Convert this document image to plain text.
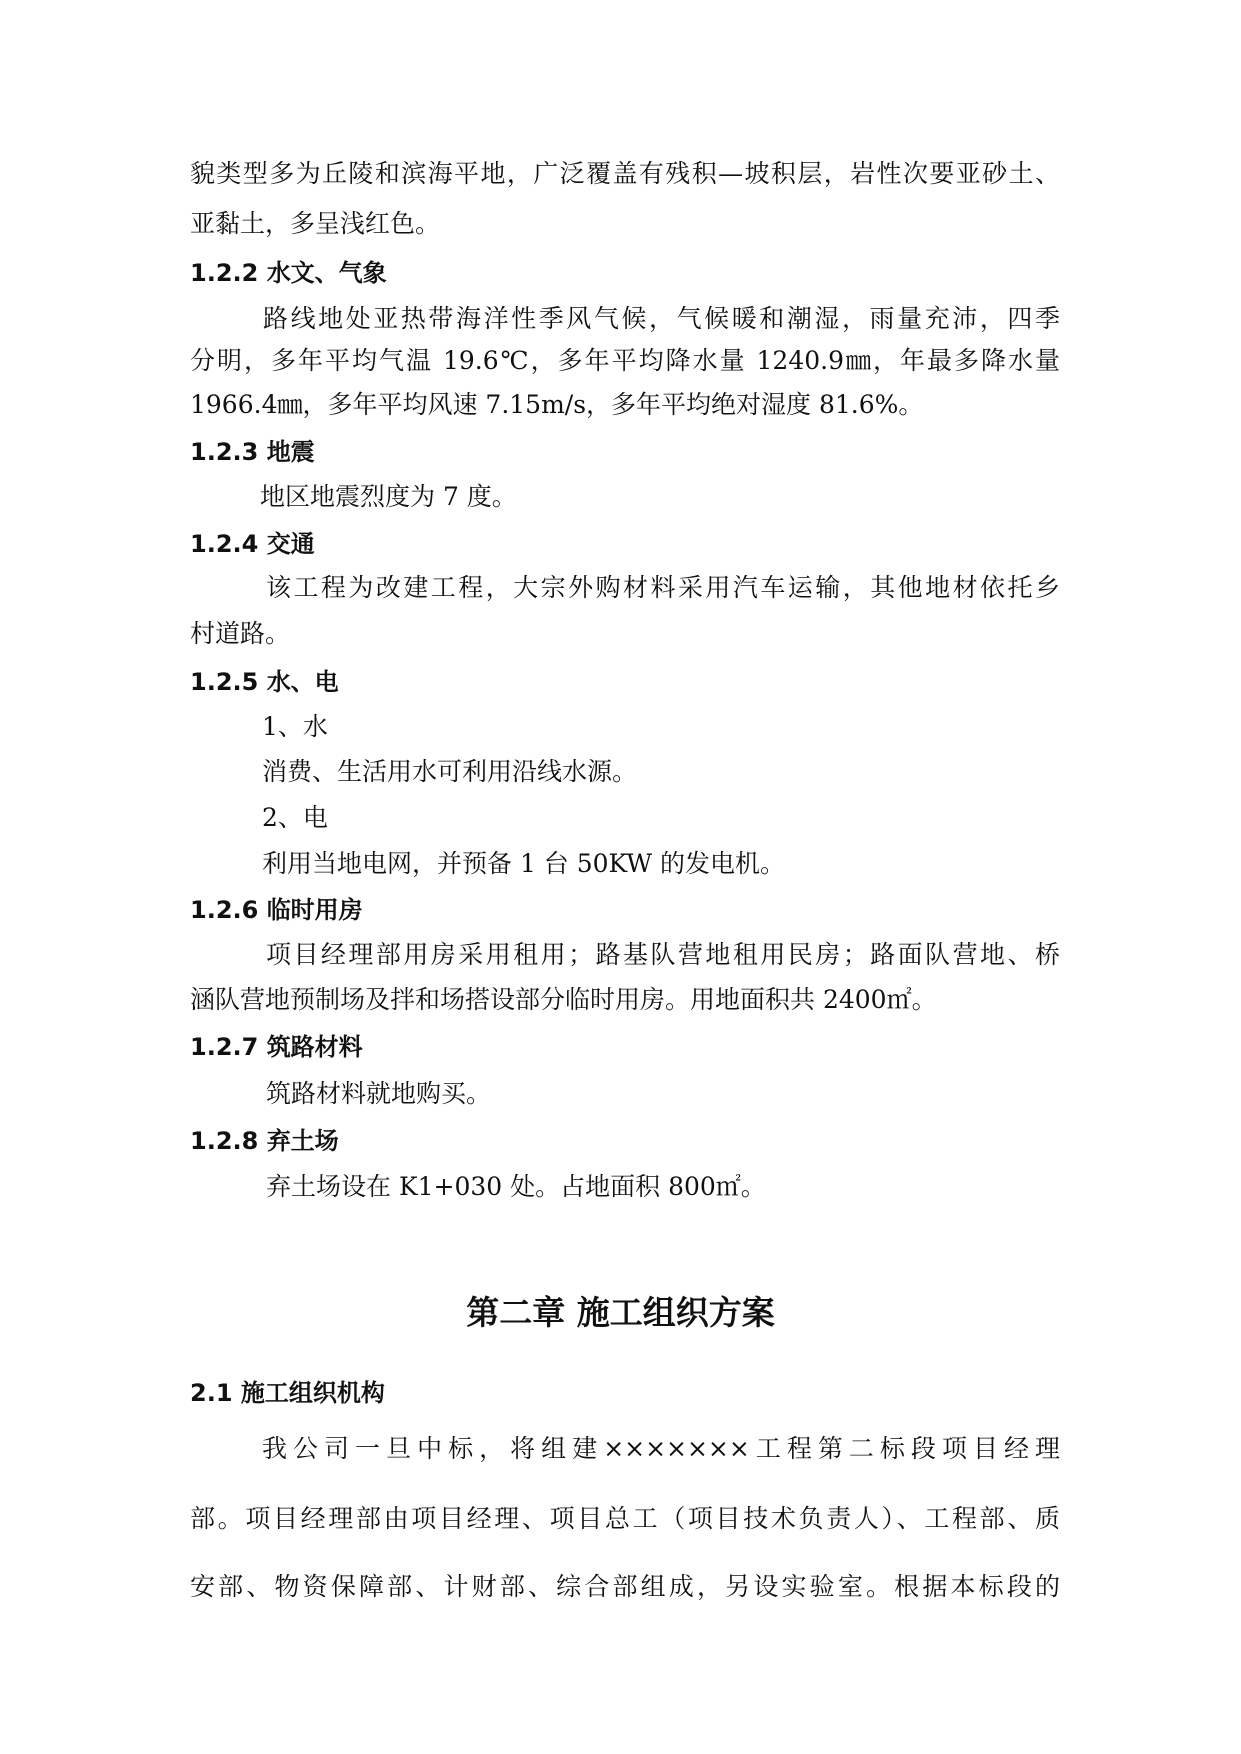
貌类型多为丘陵和滨海平地，广泛覆盖有残积—坡积层，岩性次要亚砂土、

亚黏土，多呈浅红色。

1.2.2 水文、气象

路线地处亚热带海洋性季风气候，气候暖和潮湿，雨量充沛，四季

分明，多年平均气温 19.6℃，多年平均降水量 1240.9㎜，年最多降水量

1966.4㎜，多年平均风速 7.15m/s，多年平均绝对湿度 81.6%。

1.2.3 地震

地区地震烈度为 7 度。

1.2.4 交通

该工程为改建工程，大宗外购材料采用汽车运输，其他地材依托乡

村道路。

1.2.5 水、电

1、水

消费、生活用水可利用沿线水源。

2、电

利用当地电网，并预备 1 台 50KW 的发电机。

1.2.6 临时用房

项目经理部用房采用租用；路基队营地租用民房；路面队营地、桥

涵队营地预制场及拌和场搭设部分临时用房。用地面积共 2400㎡。

1.2.7 筑路材料

筑路材料就地购买。

1.2.8 弃土场

弃土场设在 K1+030 处。占地面积 800㎡。

第二章 施工组织方案

2.1 施工组织机构

我公司一旦中标，将组建×××××××工程第二标段项目经理

部。项目经理部由项目经理、项目总工（项目技术负责人）、工程部、质

安部、物资保障部、计财部、综合部组成，另设实验室。根据本标段的
